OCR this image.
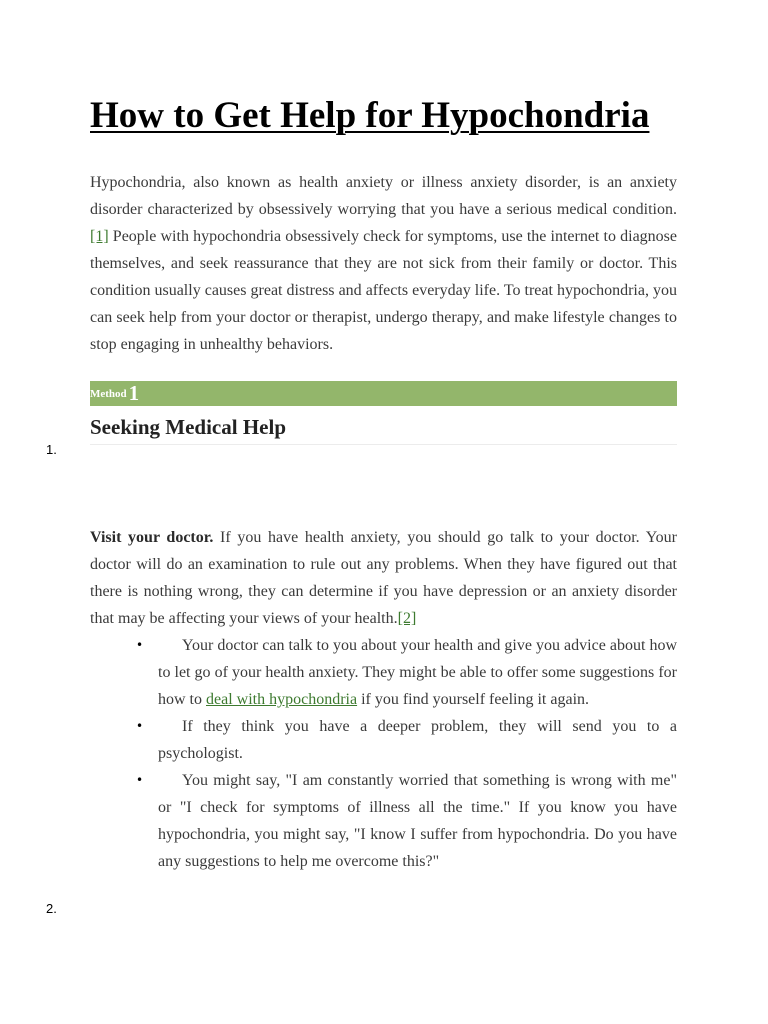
How to Get Help for Hypochondria

Hypochondria, also known as health anxiety or illness anxiety disorder, is an anxiety disorder characterized by obsessively worrying that you have a serious medical condition.[1] People with hypochondria obsessively check for symptoms, use the internet to diagnose themselves, and seek reassurance that they are not sick from their family or doctor. This condition usually causes great distress and affects everyday life. To treat hypochondria, you can seek help from your doctor or therapist, undergo therapy, and make lifestyle changes to stop engaging in unhealthy behaviors.

Method 1
Seeking Medical Help
1.

Visit your doctor. If you have health anxiety, you should go talk to your doctor. Your doctor will do an examination to rule out any problems. When they have figured out that there is nothing wrong, they can determine if you have depression or an anxiety disorder that may be affecting your views of your health.[2]

• Your doctor can talk to you about your health and give you advice about how to let go of your health anxiety. They might be able to offer some suggestions for how to deal with hypochondria if you find yourself feeling it again.
• If they think you have a deeper problem, they will send you to a psychologist.
• You might say, "I am constantly worried that something is wrong with me" or "I check for symptoms of illness all the time." If you know you have hypochondria, you might say, "I know I suffer from hypochondria. Do you have any suggestions to help me overcome this?"
2.
